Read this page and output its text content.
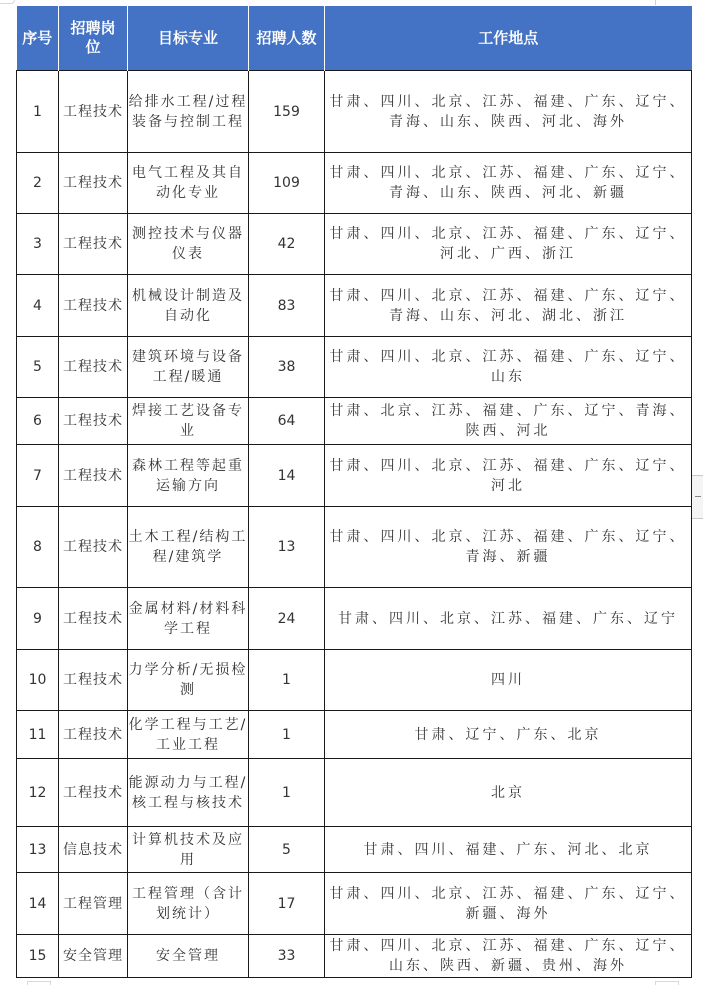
序号	招聘岗位	目标专业	招聘人数	工作地点
1	工程技术	给排水工程/过程装备与控制工程	159	甘肃、四川、北京、江苏、福建、广东、辽宁、青海、山东、陕西、河北、海外
2	工程技术	电气工程及其自动化专业	109	甘肃、四川、北京、江苏、福建、广东、辽宁、青海、山东、陕西、河北、新疆
3	工程技术	测控技术与仪器仪表	42	甘肃、四川、北京、江苏、福建、广东、辽宁、河北、广西、浙江
4	工程技术	机械设计制造及自动化	83	甘肃、四川、北京、江苏、福建、广东、辽宁、青海、山东、河北、湖北、浙江
5	工程技术	建筑环境与设备工程/暖通	38	甘肃、四川、北京、江苏、福建、广东、辽宁、山东
6	工程技术	焊接工艺设备专业	64	甘肃、北京、江苏、福建、广东、辽宁、青海、陕西、河北
7	工程技术	森林工程等起重运输方向	14	甘肃、四川、北京、江苏、福建、广东、辽宁、河北
8	工程技术	土木工程/结构工程/建筑学	13	甘肃、四川、北京、江苏、福建、广东、辽宁、青海、新疆
9	工程技术	金属材料/材料科学工程	24	甘肃、四川、北京、江苏、福建、广东、辽宁
10	工程技术	力学分析/无损检测	1	四川
11	工程技术	化学工程与工艺/工业工程	1	甘肃、辽宁、广东、北京
12	工程技术	能源动力与工程/核工程与核技术	1	北京
13	信息技术	计算机技术及应用	5	甘肃、四川、福建、广东、河北、北京
14	工程管理	工程管理（含计划统计）	17	甘肃、四川、北京、江苏、福建、广东、辽宁、新疆、海外
15	安全管理	安全管理	33	甘肃、四川、北京、江苏、福建、广东、辽宁、山东、陕西、新疆、贵州、海外
